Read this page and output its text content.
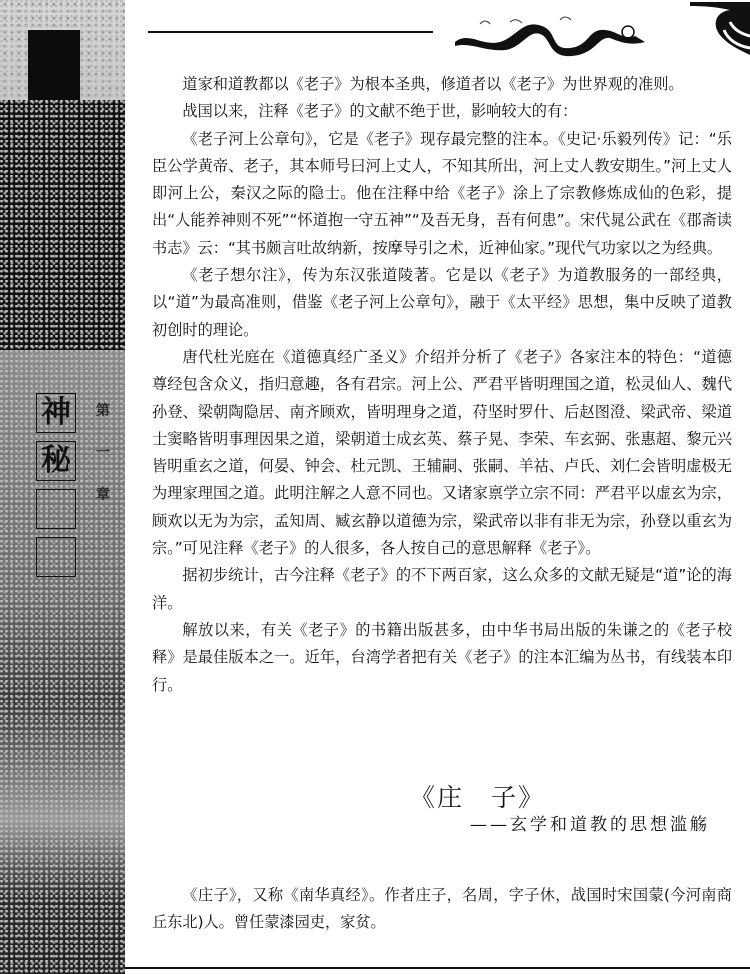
神
秘
第
一
章

道家和道教都以《老子》为根本圣典，修道者以《老子》为世界观的准则。

战国以来，注释《老子》的文献不绝于世，影响较大的有：

《老子河上公章句》，它是《老子》现存最完整的注本。《史记·乐毅列传》记：“乐臣公学黄帝、老子，其本师号曰河上丈人，不知其所出，河上丈人教安期生。”河上丈人即河上公，秦汉之际的隐士。他在注释中给《老子》涂上了宗教修炼成仙的色彩，提出“人能养神则不死”“怀道抱一守五神”“及吾无身，吾有何患”。宋代晁公武在《郡斋读书志》云：“其书颇言吐故纳新，按摩导引之术，近神仙家。”现代气功家以之为经典。

《老子想尔注》，传为东汉张道陵著。它是以《老子》为道教服务的一部经典，以“道”为最高准则，借鉴《老子河上公章句》，融于《太平经》思想，集中反映了道教初创时的理论。

唐代杜光庭在《道德真经广圣义》介绍并分析了《老子》各家注本的特色：“道德尊经包含众义，指归意趣，各有君宗。河上公、严君平皆明理国之道，松灵仙人、魏代孙登、梁朝陶隐居、南齐顾欢，皆明理身之道，苻坚时罗什、后赵图澄、梁武帝、梁道士窦略皆明事理因果之道，梁朝道士成玄英、蔡子晃、李荣、车玄弼、张惠超、黎元兴皆明重玄之道，何晏、钟会、杜元凯、王辅嗣、张嗣、羊祜、卢氏、刘仁会皆明虚极无为理家理国之道。此明注解之人意不同也。又诸家禀学立宗不同：严君平以虚玄为宗，顾欢以无为为宗，孟知周、臧玄静以道德为宗，梁武帝以非有非无为宗，孙登以重玄为宗。”可见注释《老子》的人很多，各人按自己的意思解释《老子》。

据初步统计，古今注释《老子》的不下两百家，这么众多的文献无疑是“道”论的海洋。

解放以来，有关《老子》的书籍出版甚多，由中华书局出版的朱谦之的《老子校释》是最佳版本之一。近年，台湾学者把有关《老子》的注本汇编为丛书，有线装本印行。

《庄　子》
——玄学和道教的思想滥觞

《庄子》，又称《南华真经》。作者庄子，名周，字子休，战国时宋国蒙(今河南商丘东北)人。曾任蒙漆园吏，家贫。
